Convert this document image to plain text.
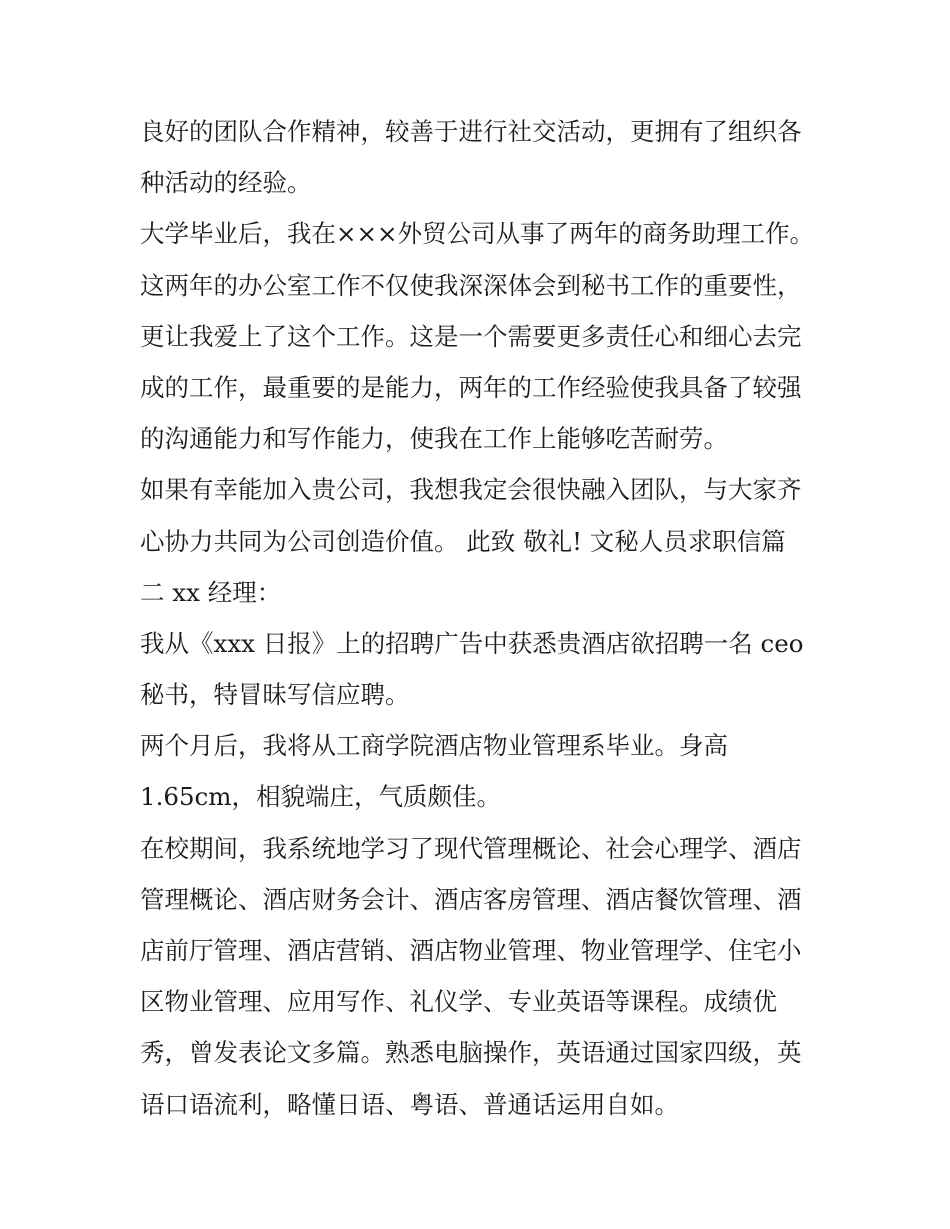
良好的团队合作精神，较善于进行社交活动，更拥有了组织各
种活动的经验。
大学毕业后，我在×××外贸公司从事了两年的商务助理工作。
这两年的办公室工作不仅使我深深体会到秘书工作的重要性，
更让我爱上了这个工作。这是一个需要更多责任心和细心去完
成的工作，最重要的是能力，两年的工作经验使我具备了较强
的沟通能力和写作能力，使我在工作上能够吃苦耐劳。
如果有幸能加入贵公司，我想我定会很快融入团队，与大家齐
心协力共同为公司创造价值。 此致 敬礼! 文秘人员求职信篇
二 xx 经理：
我从《xxx 日报》上的招聘广告中获悉贵酒店欲招聘一名 ceo
秘书，特冒昧写信应聘。
两个月后，我将从工商学院酒店物业管理系毕业。身高
1.65cm，相貌端庄，气质颇佳。
在校期间，我系统地学习了现代管理概论、社会心理学、酒店
管理概论、酒店财务会计、酒店客房管理、酒店餐饮管理、酒
店前厅管理、酒店营销、酒店物业管理、物业管理学、住宅小
区物业管理、应用写作、礼仪学、专业英语等课程。成绩优
秀，曾发表论文多篇。熟悉电脑操作，英语通过国家四级，英
语口语流利，略懂日语、粤语、普通话运用自如。
